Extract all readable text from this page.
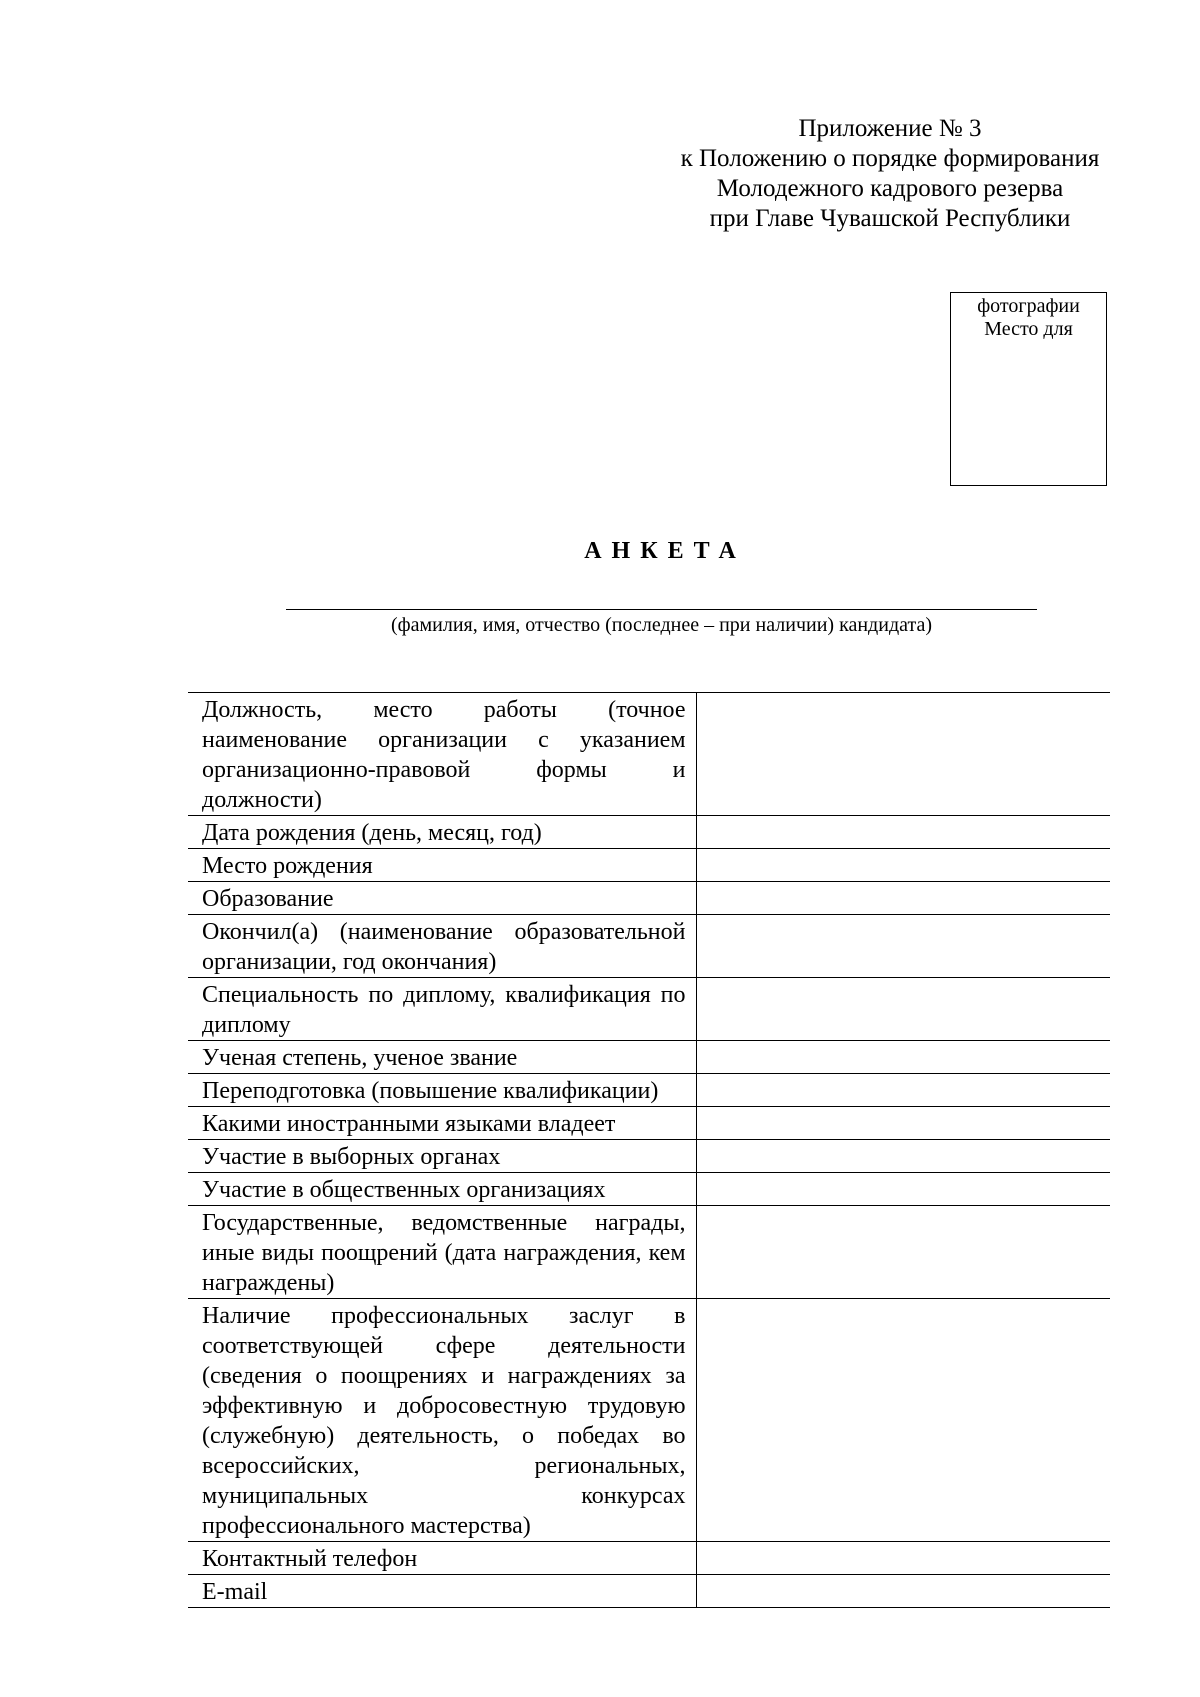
Приложение № 3
к Положению о порядке формирования
Молодежного кадрового резерва
при Главе Чувашской Республики
Место для
фотографии
АНКЕТА
(фамилия, имя, отчество (последнее – при наличии) кандидата)
Должность, место работы (точное наименование организации с указанием организационно-правовой формы и должности)	
Дата рождения (день, месяц, год)	
Место рождения	
Образование	
Окончил(а) (наименование образовательной организации, год окончания)	
Специальность по диплому, квалификация по диплому	
Ученая степень, ученое звание	
Переподготовка (повышение квалификации)	
Какими иностранными языками владеет	
Участие в выборных органах	
Участие в общественных организациях	
Государственные, ведомственные награды, иные виды поощрений (дата награждения, кем награждены)	
Наличие профессиональных заслуг в соответствующей сфере деятельности (сведения о поощрениях и награждениях за эффективную и добросовестную трудовую (служебную) деятельность, о победах во всероссийских, региональных, муниципальных конкурсах профессионального мастерства)	
Контактный телефон	
E-mail	
